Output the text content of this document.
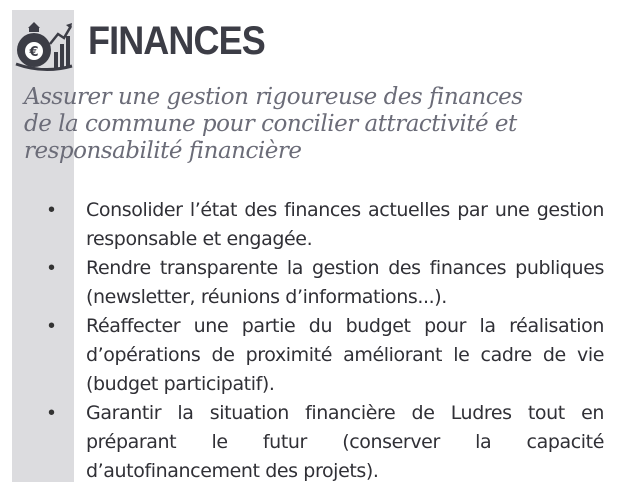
€ FINANCES
Assurer une gestion rigoureuse des finances
de la commune pour concilier attractivité et
responsabilité financière
•	Consolider l’état des finances actuelles par une gestion responsable et engagée.
•	Rendre transparente la gestion des finances publiques (newsletter, réunions d’informations...).
•	Réaffecter une partie du budget pour la réalisation d’opérations de proximité améliorant le cadre de vie (budget participatif).
•	Garantir la situation financière de Ludres tout en préparant le futur (conserver la capacité d’autofinancement des projets).
